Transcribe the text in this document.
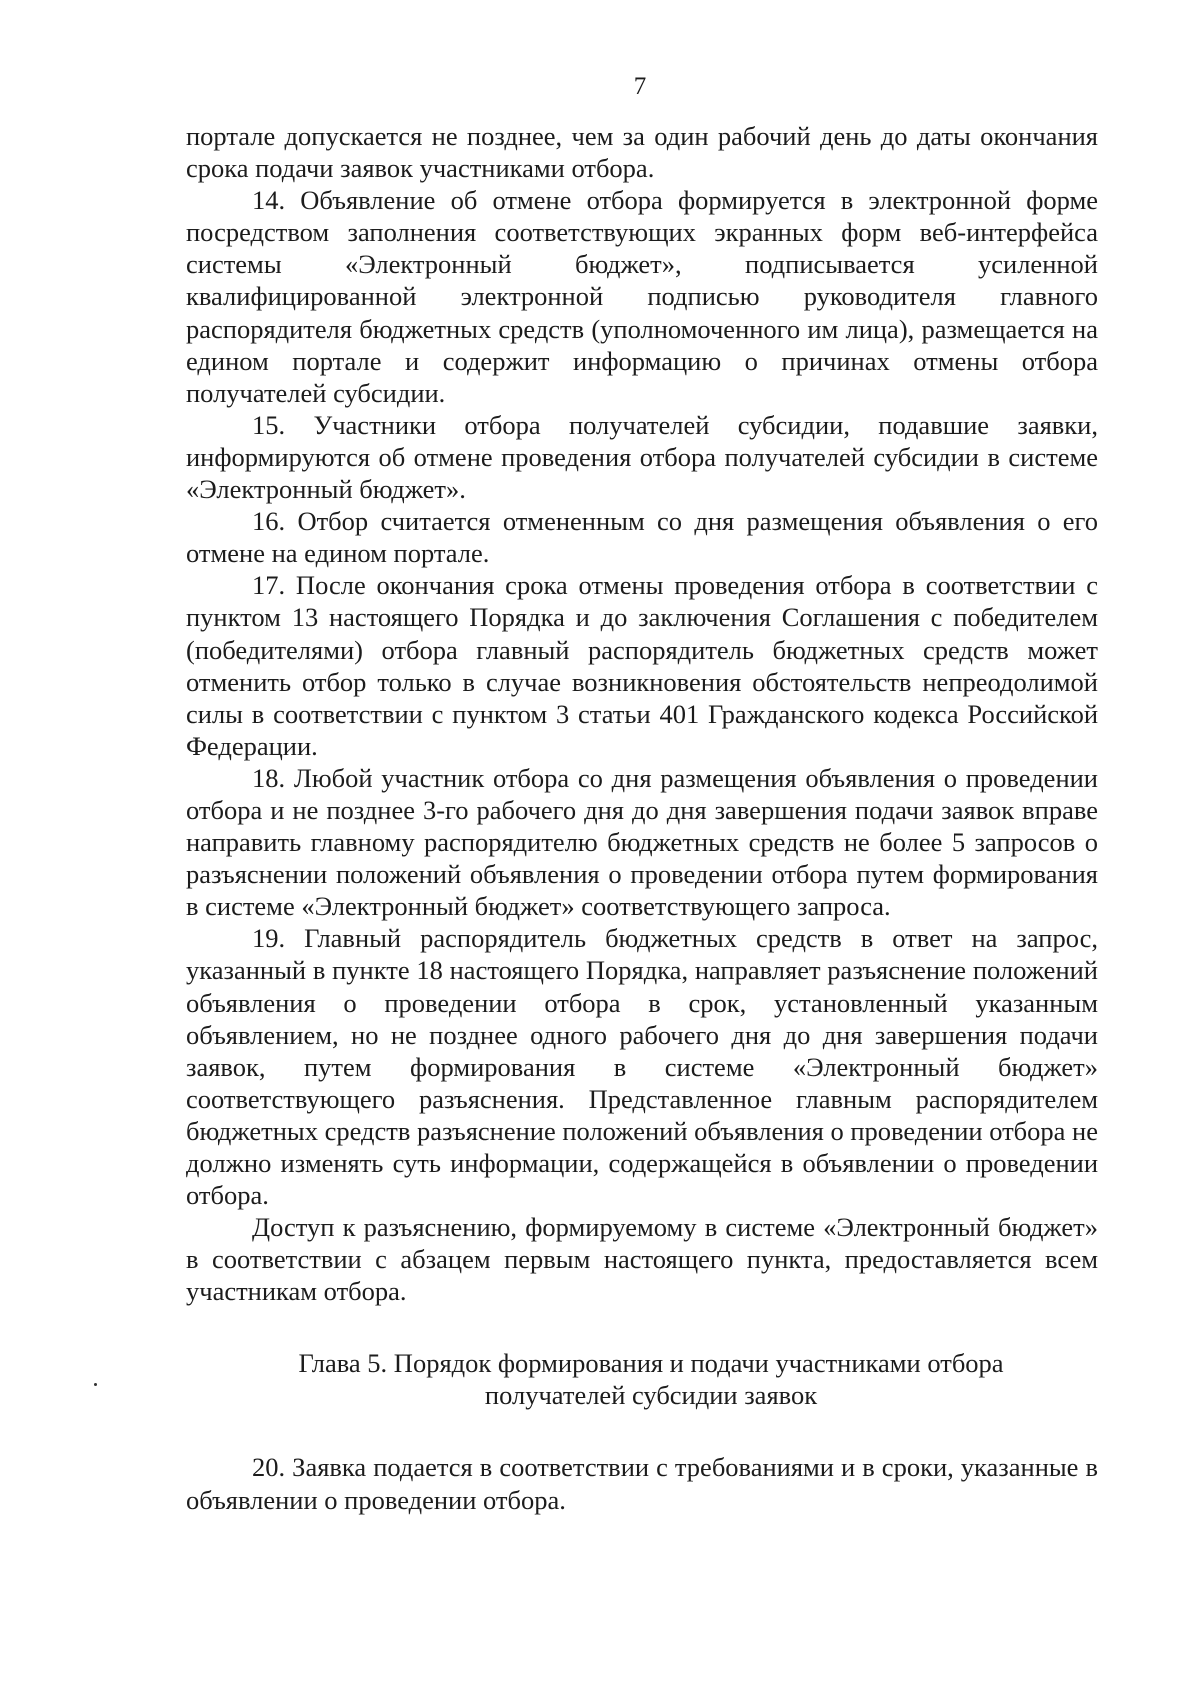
7

порталe допускается не позднее, чем за один рабочий день до даты окончания срока подачи заявок участниками отбора.

14. Объявление об отмене отбора формируется в электронной форме посредством заполнения соответствующих экранных форм веб-интерфейса системы «Электронный бюджет», подписывается усиленной квалифицированной электронной подписью руководителя главного распорядителя бюджетных средств (уполномоченного им лица), размещается на едином портале и содержит информацию о причинах отмены отбора получателей субсидии.

15. Участники отбора получателей субсидии, подавшие заявки, информируются об отмене проведения отбора получателей субсидии в системе «Электронный бюджет».

16. Отбор считается отмененным со дня размещения объявления о его отмене на едином портале.

17. После окончания срока отмены проведения отбора в соответствии с пунктом 13 настоящего Порядка и до заключения Соглашения с победителем (победителями) отбора главный распорядитель бюджетных средств может отменить отбор только в случае возникновения обстоятельств непреодолимой силы в соответствии с пунктом 3 статьи 401 Гражданского кодекса Российской Федерации.

18. Любой участник отбора со дня размещения объявления о проведении отбора и не позднее 3-го рабочего дня до дня завершения подачи заявок вправе направить главному распорядителю бюджетных средств не более 5 запросов о разъяснении положений объявления о проведении отбора путем формирования в системе «Электронный бюджет» соответствующего запроса.

19. Главный распорядитель бюджетных средств в ответ на запрос, указанный в пункте 18 настоящего Порядка, направляет разъяснение положений объявления о проведении отбора в срок, установленный указанным объявлением, но не позднее одного рабочего дня до дня завершения подачи заявок, путем формирования в системе «Электронный бюджет» соответствующего разъяснения. Представленное главным распорядителем бюджетных средств разъяснение положений объявления о проведении отбора не должно изменять суть информации, содержащейся в объявлении о проведении отбора.

Доступ к разъяснению, формируемому в системе «Электронный бюджет» в соответствии с абзацем первым настоящего пункта, предоставляется всем участникам отбора.

Глава 5. Порядок формирования и подачи участниками отбора
получателей субсидии заявок

20. Заявка подается в соответствии с требованиями и в сроки, указанные в объявлении о проведении отбора.
